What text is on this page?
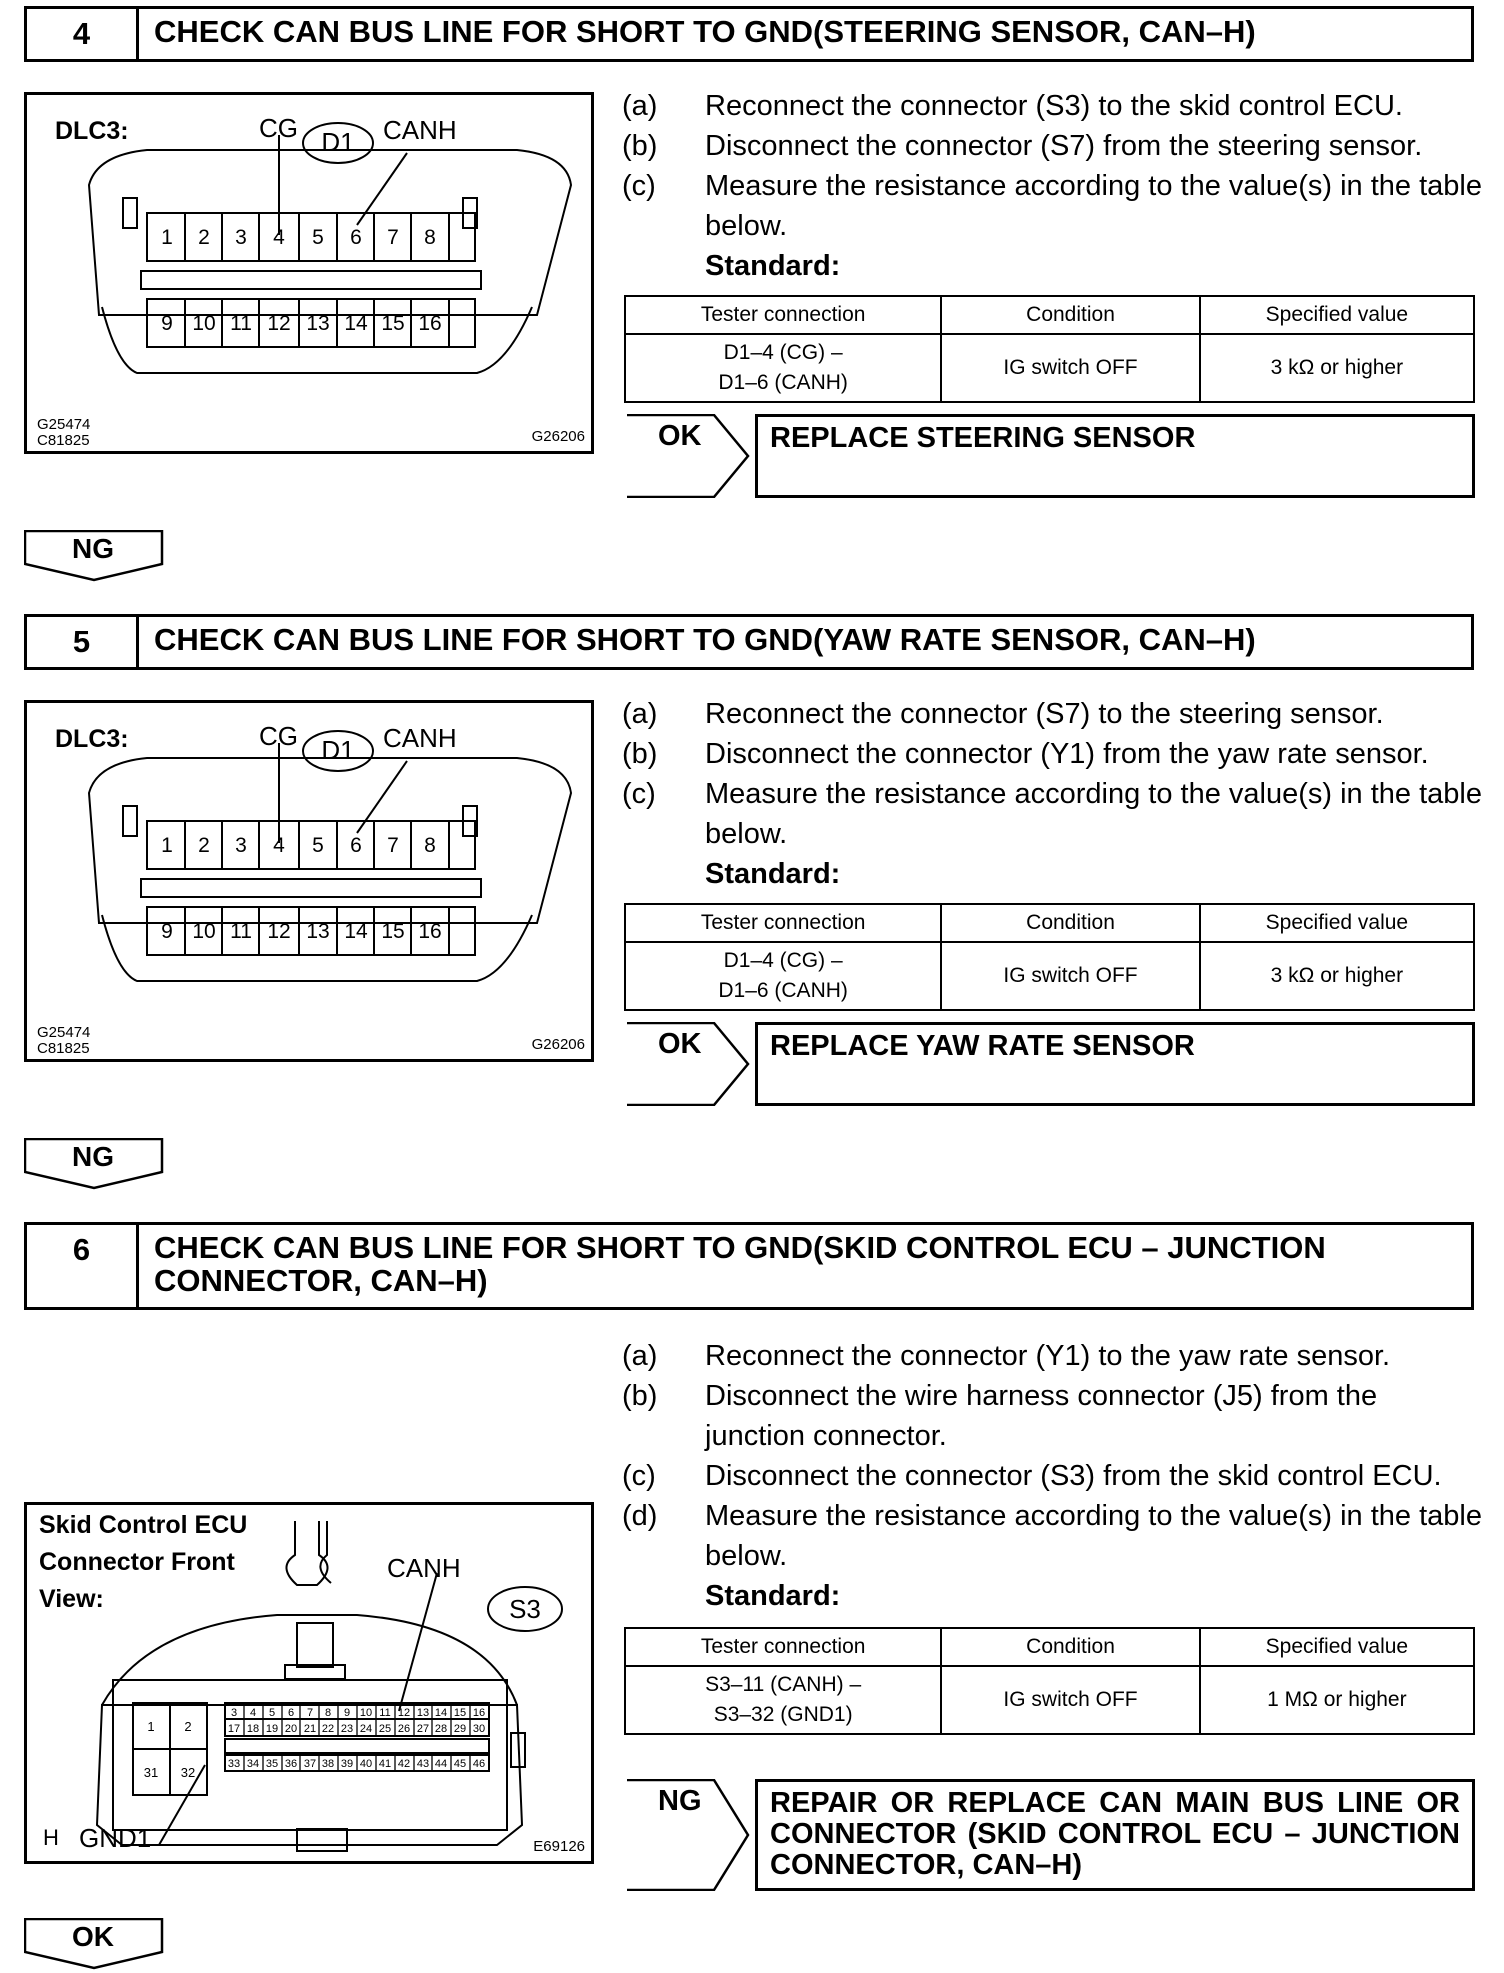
4	CHECK CAN BUS LINE FOR SHORT TO GND(STEERING SENSOR, CAN–H)
DLC3:	CG	CANH
1 2 3 4 5 6 7 8
9 10 11 12 13 14 15 16
D1
G25474
C81825	G26206
(a)	Reconnect the connector (S3) to the skid control ECU.
(b)	Disconnect the connector (S7) from the steering sensor.
(c)	Measure the resistance according to the value(s) in the table below.
Standard:
Tester connection	Condition	Specified value
D1–4 (CG) –
D1–6 (CANH)	IG switch OFF	3 kΩ or higher
OK	REPLACE STEERING SENSOR
NG
5	CHECK CAN BUS LINE FOR SHORT TO GND(YAW RATE SENSOR, CAN–H)
DLC3:	CG	CANH
1 2 3 4 5 6 7 8
9 10 11 12 13 14 15 16
D1
G25474
C81825	G26206
(a)	Reconnect the connector (S7) to the steering sensor.
(b)	Disconnect the connector (Y1) from the yaw rate sensor.
(c)	Measure the resistance according to the value(s) in the table below.
Standard:
Tester connection	Condition	Specified value
D1–4 (CG) –
D1–6 (CANH)	IG switch OFF	3 kΩ or higher
OK	REPLACE YAW RATE SENSOR
NG
6	CHECK CAN BUS LINE FOR SHORT TO GND(SKID CONTROL ECU – JUNCTION CONNECTOR, CAN–H)
(a)	Reconnect the connector (Y1) to the yaw rate sensor.
(b)	Disconnect the wire harness connector (J5) from the junction connector.
(c)	Disconnect the connector (S3) from the skid control ECU.
(d)	Measure the resistance according to the value(s) in the table below.
Standard:
Skid Control ECU
Connector Front
View:
CANH
3 4 5 6 7 8 9 10 11 12 13 14 15 16
17 18 19 20 21 22 23 24 25 26 27 28 29 30
33 34 35 36 37 38 39 40 41 42 43 44 45 46
1 2
31 32
S3
H GND1	E69126
Tester connection	Condition	Specified value
S3–11 (CANH) –
S3–32 (GND1)	IG switch OFF	1 MΩ or higher
NG	REPAIR OR REPLACE CAN MAIN BUS LINE OR CONNECTOR (SKID CONTROL ECU – JUNCTION CONNECTOR, CAN–H)
OK
